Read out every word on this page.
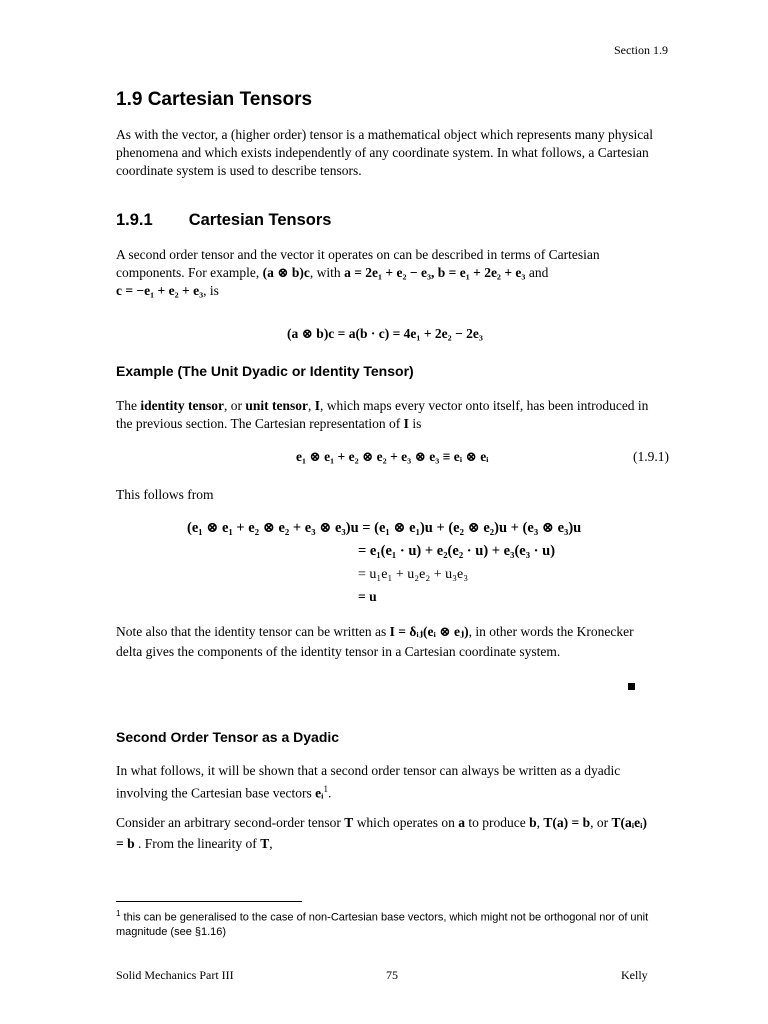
Section 1.9
1.9 Cartesian Tensors
As with the vector, a (higher order) tensor is a mathematical object which represents many physical phenomena and which exists independently of any coordinate system. In what follows, a Cartesian coordinate system is used to describe tensors.
1.9.1 Cartesian Tensors
A second order tensor and the vector it operates on can be described in terms of Cartesian components. For example, (a ⊗ b)c, with a = 2e₁ + e₂ − e₃, b = e₁ + 2e₂ + e₃ and
c = −e₁ + e₂ + e₃, is
(a ⊗ b)c = a(b · c) = 4e₁ + 2e₂ − 2e₃
Example (The Unit Dyadic or Identity Tensor)
The identity tensor, or unit tensor, I, which maps every vector onto itself, has been introduced in the previous section. The Cartesian representation of I is
e₁ ⊗ e₁ + e₂ ⊗ e₂ + e₃ ⊗ e₃ ≡ eᵢ ⊗ eᵢ	(1.9.1)
This follows from
(e₁ ⊗ e₁ + e₂ ⊗ e₂ + e₃ ⊗ e₃)u = (e₁ ⊗ e₁)u + (e₂ ⊗ e₂)u + (e₃ ⊗ e₃)u
= e₁(e₁ · u) + e₂(e₂ · u) + e₃(e₃ · u)
= u₁e₁ + u₂e₂ + u₃e₃
= u
Note also that the identity tensor can be written as I = δᵢⱼ(eᵢ ⊗ eⱼ), in other words the Kronecker delta gives the components of the identity tensor in a Cartesian coordinate system.
Second Order Tensor as a Dyadic
In what follows, it will be shown that a second order tensor can always be written as a dyadic involving the Cartesian base vectors eᵢ$^1$.
Consider an arbitrary second-order tensor T which operates on a to produce b, T(a) = b, or T(aᵢeᵢ) = b . From the linearity of T,
$^1$ this can be generalised to the case of non-Cartesian base vectors, which might not be orthogonal nor of unit magnitude (see §1.16)
Solid Mechanics Part III	75	Kelly
